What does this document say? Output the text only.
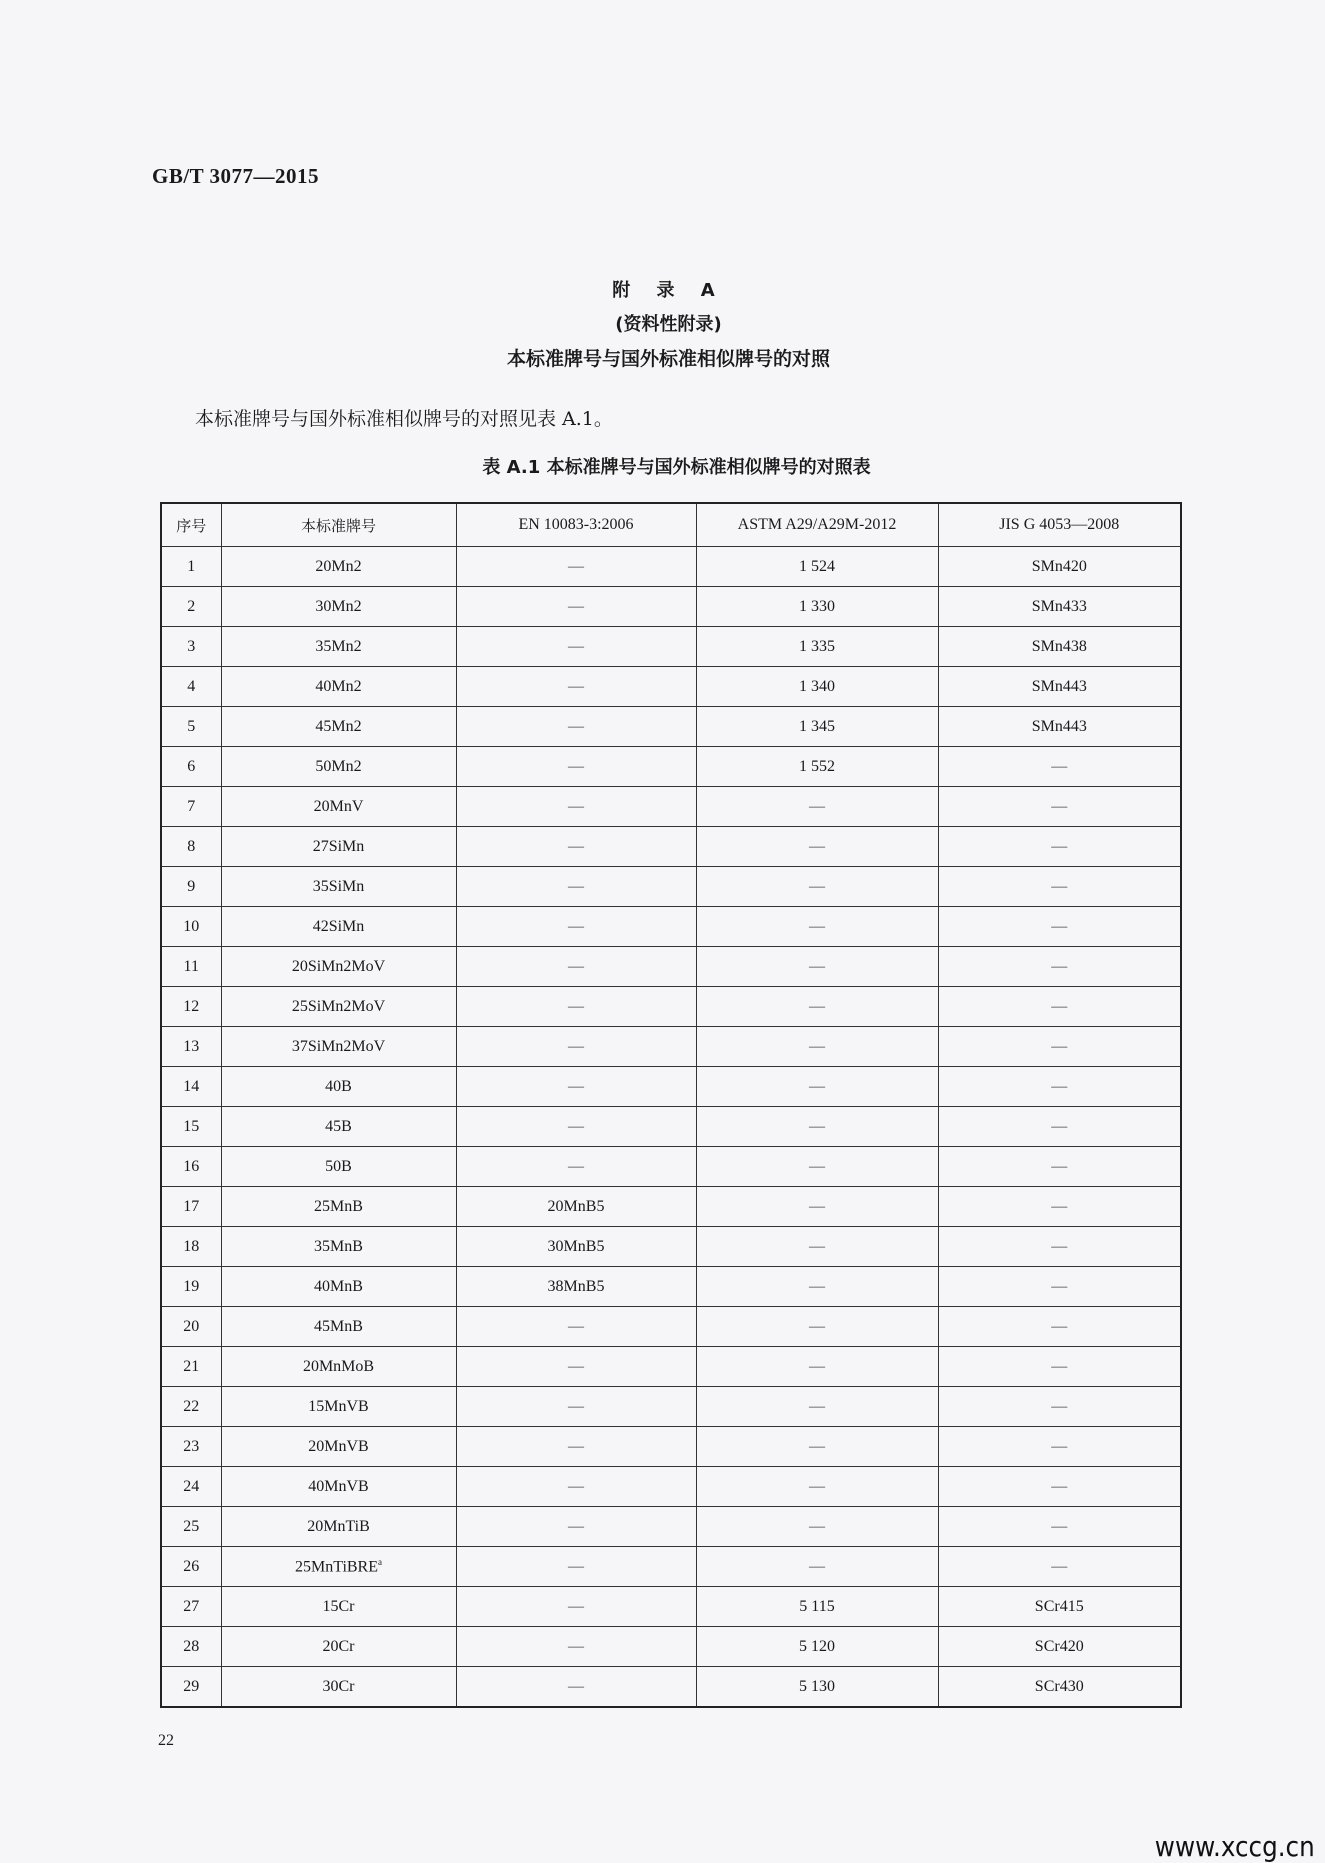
GB/T 3077—2015
附 录 A
(资料性附录)
本标准牌号与国外标准相似牌号的对照
本标准牌号与国外标准相似牌号的对照见表 A.1。
表 A.1 本标准牌号与国外标准相似牌号的对照表
序号	本标准牌号	EN 10083-3:2006	ASTM A29/A29M-2012	JIS G 4053—2008
1	20Mn2	—	1 524	SMn420
2	30Mn2	—	1 330	SMn433
3	35Mn2	—	1 335	SMn438
4	40Mn2	—	1 340	SMn443
5	45Mn2	—	1 345	SMn443
6	50Mn2	—	1 552	—
7	20MnV	—	—	—
8	27SiMn	—	—	—
9	35SiMn	—	—	—
10	42SiMn	—	—	—
11	20SiMn2MoV	—	—	—
12	25SiMn2MoV	—	—	—
13	37SiMn2MoV	—	—	—
14	40B	—	—	—
15	45B	—	—	—
16	50B	—	—	—
17	25MnB	20MnB5	—	—
18	35MnB	30MnB5	—	—
19	40MnB	38MnB5	—	—
20	45MnB	—	—	—
21	20MnMoB	—	—	—
22	15MnVB	—	—	—
23	20MnVB	—	—	—
24	40MnVB	—	—	—
25	20MnTiB	—	—	—
26	25MnTiBRE$^a$	—	—	—
27	15Cr	—	5 115	SCr415
28	20Cr	—	5 120	SCr420
29	30Cr	—	5 130	SCr430
22
www.xccg.cn
